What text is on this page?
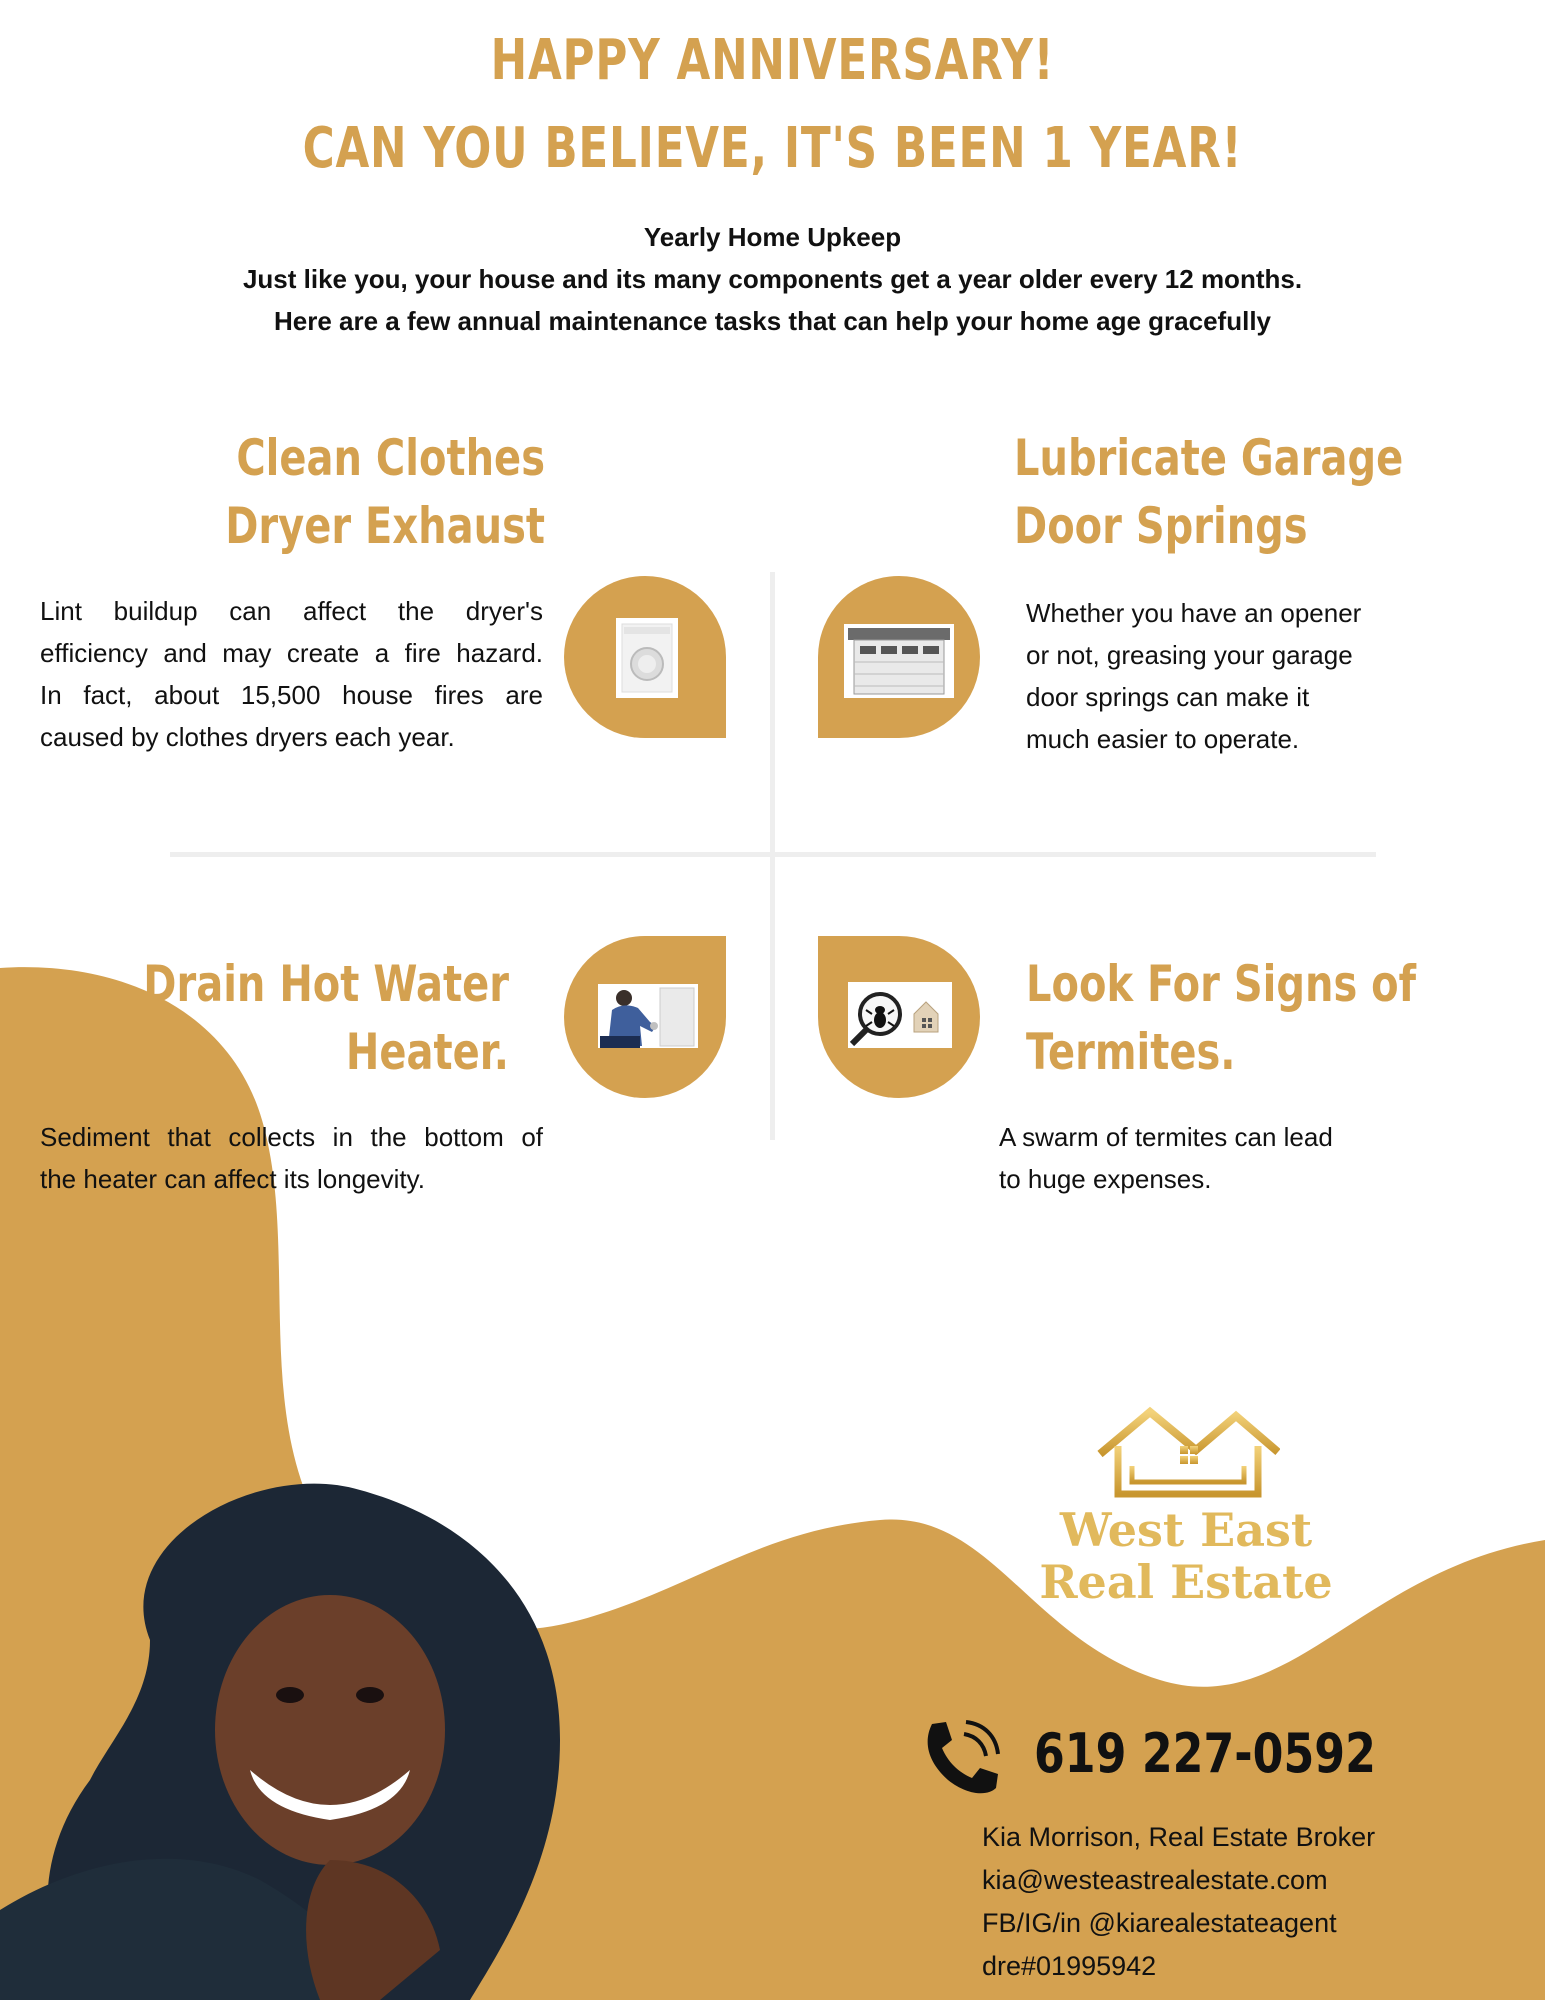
HAPPY ANNIVERSARY!
CAN YOU BELIEVE, IT'S BEEN 1 YEAR!
Yearly Home Upkeep
Just like you, your house and its many components get a year older every 12 months.
Here are a few annual maintenance tasks that can help your home age gracefully
Clean Clothes
Dryer Exhaust
Lint buildup can affect the dryer's
efficiency and may create a fire hazard.
In fact, about 15,500 house fires are
caused by clothes dryers each year.
Lubricate Garage
Door Springs
Whether you have an opener
or not, greasing your garage
door springs can make it
much easier to operate.
Drain Hot Water
Heater.
Sediment that collects in the bottom of
the heater can affect its longevity.
Look For Signs of
Termites.
A swarm of termites can lead
to huge expenses.
West East
Real Estate
619 227-0592
Kia Morrison, Real Estate Broker
kia@westeastrealestate.com
FB/IG/in @kiarealestateagent
dre#01995942
